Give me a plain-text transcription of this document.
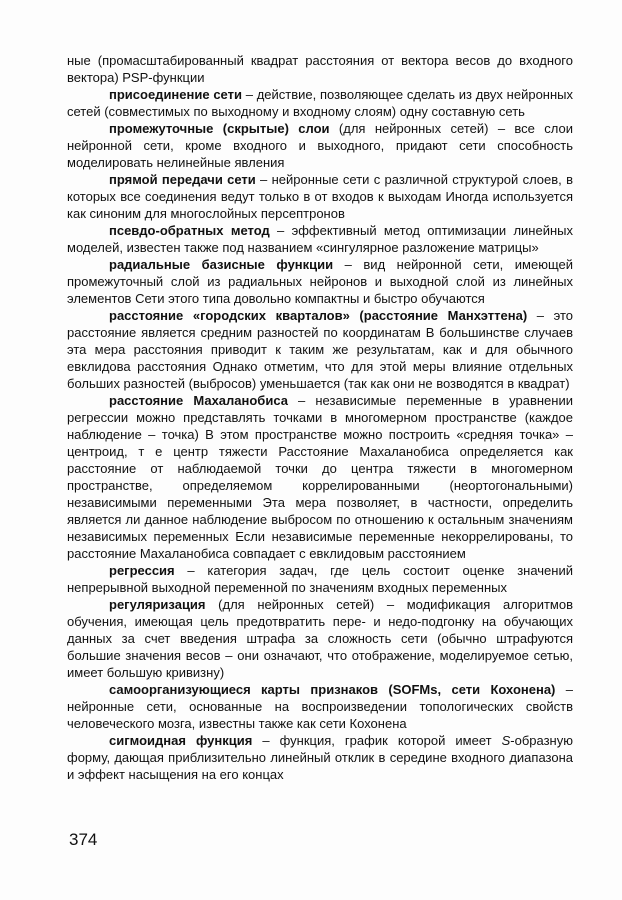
ные (промасштабированный квадрат расстояния от вектора весов до входного вектора) PSP-функции

присоединение сети – действие, позволяющее сделать из двух нейронных сетей (совместимых по выходному и входному слоям) одну составную сеть

промежуточные (скрытые) слои (для нейронных сетей) – все слои нейронной сети, кроме входного и выходного, придают сети способность моделировать нелинейные явления

прямой передачи сети – нейронные сети с различной структурой слоев, в которых все соединения ведут только в от входов к выходам Иногда используется как синоним для многослойных персептронов

псевдо-обратных метод – эффективный метод оптимизации линейных моделей, известен также под названием «сингулярное разложение матрицы»

радиальные базисные функции – вид нейронной сети, имеющей промежуточный слой из радиальных нейронов и выходной слой из линейных элементов Сети этого типа довольно компактны и быстро обучаются

расстояние «городских кварталов» (расстояние Манхэттена) – это расстояние является средним разностей по координатам В большинстве случаев эта мера расстояния приводит к таким же результатам, как и для обычного евклидова расстояния Однако отметим, что для этой меры влияние отдельных больших разностей (выбросов) уменьшается (так как они не возводятся в квадрат)

расстояние Махаланобиса – независимые переменные в уравнении регрессии можно представлять точками в многомерном пространстве (каждое наблюдение – точка) В этом пространстве можно построить «средняя точка» – центроид, т е центр тяжести Расстояние Махаланобиса определяется как расстояние от наблюдаемой точки до центра тяжести в многомерном пространстве, определяемом коррелированными (неортогональными) независимыми переменными Эта мера позволяет, в частности, определить является ли данное наблюдение выбросом по отношению к остальным значениям независимых переменных Если независимые переменные некоррелированы, то расстояние Махаланобиса совпадает с евклидовым расстоянием

регрессия – категория задач, где цель состоит оценке значений непрерывной выходной переменной по значениям входных переменных

регуляризация (для нейронных сетей) – модификация алгоритмов обучения, имеющая цель предотвратить пере- и недо-подгонку на обучающих данных за счет введения штрафа за сложность сети (обычно штрафуются большие значения весов – они означают, что отображение, моделируемое сетью, имеет большую кривизну)

самоорганизующиеся карты признаков (SOFMs, сети Кохонена) – нейронные сети, основанные на воспроизведении топологических свойств человеческого мозга, известны также как сети Кохонена

сигмоидная функция – функция, график которой имеет S-образную форму, дающая приблизительно линейный отклик в середине входного диапазона и эффект насыщения на его концах

374
